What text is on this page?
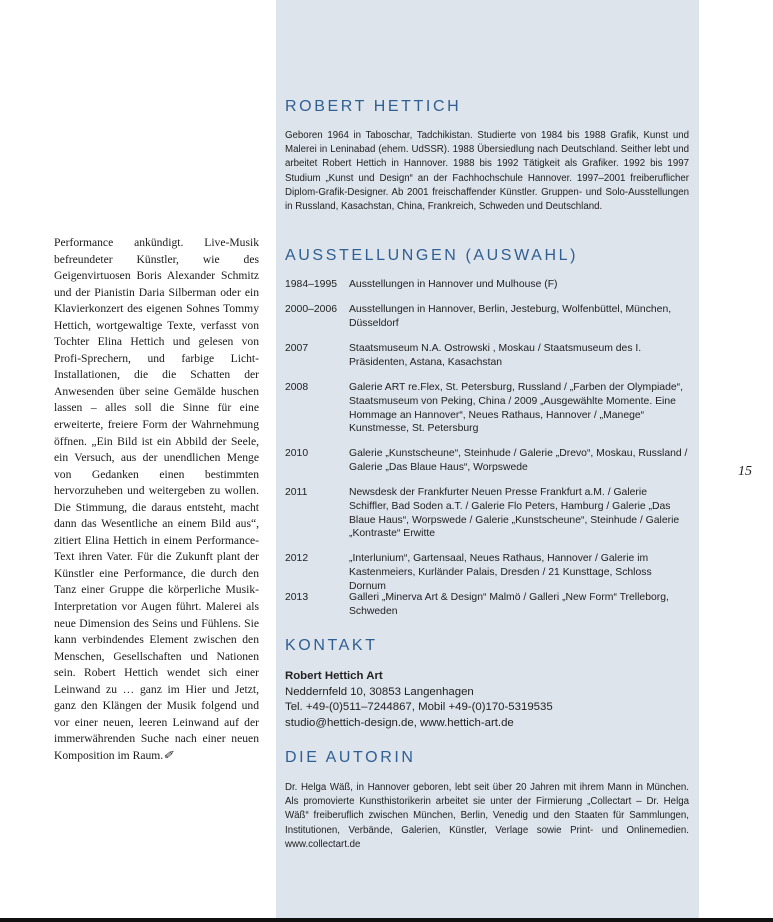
Performance ankündigt. Live-Musik befreundeter Künstler, wie des Geigenvirtuosen Boris Alexander Schmitz und der Pianistin Daria Silberman oder ein Klavierkonzert des eigenen Sohnes Tommy Hettich, wortgewaltige Texte, verfasst von Tochter Elina Hettich und gelesen von Profi-Sprechern, und farbige Licht-Installationen, die die Schatten der Anwesenden über seine Gemälde huschen lassen – alles soll die Sinne für eine erweiterte, freiere Form der Wahrnehmung öffnen. „Ein Bild ist ein Abbild der Seele, ein Versuch, aus der unendlichen Menge von Gedanken einen bestimmten hervorzuheben und weitergeben zu wollen. Die Stimmung, die daraus entsteht, macht dann das Wesentliche an einem Bild aus“, zitiert Elina Hettich in einem Performance-Text ihren Vater. Für die Zukunft plant der Künstler eine Performance, die durch den Tanz einer Gruppe die körperliche Musik-Interpretation vor Augen führt. Malerei als neue Dimension des Seins und Fühlens. Sie kann verbindendes Element zwischen den Menschen, Gesellschaften und Nationen sein. Robert Hettich wendet sich einer Leinwand zu … ganz im Hier und Jetzt, ganz den Klängen der Musik folgend und vor einer neuen, leeren Leinwand auf der immerwährenden Suche nach einer neuen Komposition im Raum.✐
ROBERT HETTICH

Geboren 1964 in Taboschar, Tadchikistan. Studierte von 1984 bis 1988 Grafik, Kunst und Malerei in Leninabad (ehem. UdSSR). 1988 Übersiedlung nach Deutschland. Seither lebt und arbeitet Robert Hettich in Hannover. 1988 bis 1992 Tätigkeit als Grafiker. 1992 bis 1997 Studium „Kunst und Design“ an der Fachhochschule Hannover. 1997–2001 freiberuflicher Diplom-Grafik-Designer. Ab 2001 freischaffender Künstler. Gruppen- und Solo-Ausstellungen in Russland, Kasachstan, China, Frankreich, Schweden und Deutschland.

AUSSTELLUNGEN (AUSWAHL)
1984–1995	Ausstellungen in Hannover und Mulhouse (F)
2000–2006	Ausstellungen in Hannover, Berlin, Jesteburg, Wolfenbüttel, München, Düsseldorf
2007	Staatsmuseum N.A. Ostrowski , Moskau / Staatsmuseum des I. Präsidenten, Astana, Kasachstan
2008	Galerie ART re.Flex, St. Petersburg, Russland / „Farben der Olympiade“, Staatsmuseum von Peking, China / 2009 „Ausgewählte Momente. Eine Hommage an Hannover“, Neues Rathaus, Hannover / „Manege“ Kunstmesse, St. Petersburg
2010	Galerie „Kunstscheune“, Steinhude / Galerie „Drevo“, Moskau, Russland / Galerie „Das Blaue Haus“, Worpswede
2011	Newsdesk der Frankfurter Neuen Presse Frankfurt a.M. / Galerie Schiffler, Bad Soden a.T. / Galerie Flo Peters, Hamburg / Galerie „Das Blaue Haus“, Worpswede / Galerie „Kunstscheune“, Steinhude / Galerie „Kontraste“ Erwitte
2012	„Interlunium“, Gartensaal, Neues Rathaus, Hannover / Galerie im Kastenmeiers, Kurländer Palais, Dresden / 21 Kunsttage, Schloss Dornum
2013	Galleri „Minerva Art & Design“ Malmö / Galleri „New Form“ Trelleborg, Schweden
KONTAKT
Robert Hettich Art
Neddernfeld 10, 30853 Langenhagen
Tel. +49-(0)511–7244867, Mobil +49-(0)170-5319535
studio@hettich-design.de, www.hettich-art.de
DIE AUTORIN

Dr. Helga Wäß, in Hannover geboren, lebt seit über 20 Jahren mit ihrem Mann in München. Als promovierte Kunsthistorikerin arbeitet sie unter der Firmierung „Collectart – Dr. Helga Wäß“ freiberuflich zwischen München, Berlin, Venedig und den Staaten für Sammlungen, Institutionen, Verbände, Galerien, Künstler, Verlage sowie Print- und Onlinemedien. www.collectart.de

15
